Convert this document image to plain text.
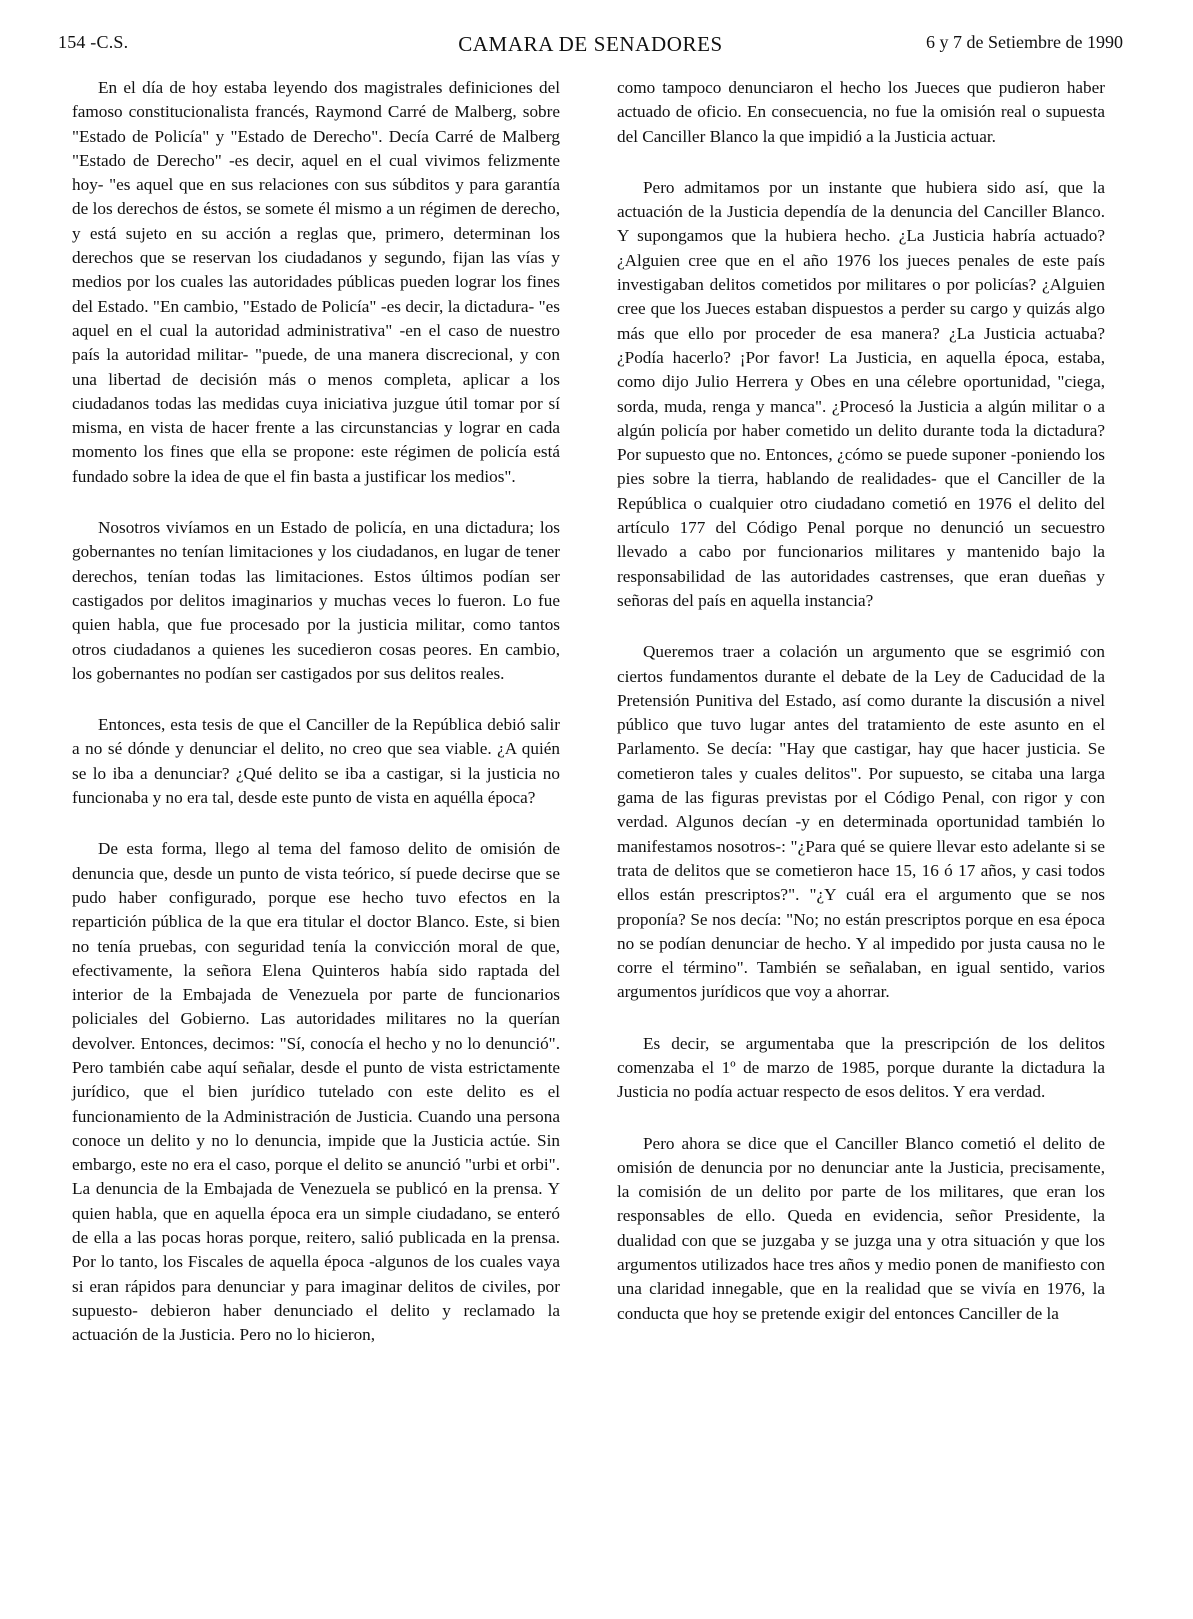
154 -C.S.	CAMARA DE SENADORES	6 y 7 de Setiembre de 1990

En el día de hoy estaba leyendo dos magistrales definiciones del famoso constitucionalista francés, Raymond Carré de Malberg, sobre "Estado de Policía" y "Estado de Derecho". Decía Carré de Malberg "Estado de Derecho" -es decir, aquel en el cual vivimos felizmente hoy- "es aquel que en sus relaciones con sus súbditos y para garantía de los derechos de éstos, se somete él mismo a un régimen de derecho, y está sujeto en su acción a reglas que, primero, determinan los derechos que se reservan los ciudadanos y segundo, fijan las vías y medios por los cuales las autoridades públicas pueden lograr los fines del Estado. "En cambio, "Estado de Policía" -es decir, la dictadura- "es aquel en el cual la autoridad administrativa" -en el caso de nuestro país la autoridad militar- "puede, de una manera discrecional, y con una libertad de decisión más o menos completa, aplicar a los ciudadanos todas las medidas cuya iniciativa juzgue útil tomar por sí misma, en vista de hacer frente a las circunstancias y lograr en cada momento los fines que ella se propone: este régimen de policía está fundado sobre la idea de que el fin basta a justificar los medios".

Nosotros vivíamos en un Estado de policía, en una dictadura; los gobernantes no tenían limitaciones y los ciudadanos, en lugar de tener derechos, tenían todas las limitaciones. Estos últimos podían ser castigados por delitos imaginarios y muchas veces lo fueron. Lo fue quien habla, que fue procesado por la justicia militar, como tantos otros ciudadanos a quienes les sucedieron cosas peores. En cambio, los gobernantes no podían ser castigados por sus delitos reales.

Entonces, esta tesis de que el Canciller de la República debió salir a no sé dónde y denunciar el delito, no creo que sea viable. ¿A quién se lo iba a denunciar? ¿Qué delito se iba a castigar, si la justicia no funcionaba y no era tal, desde este punto de vista en aquélla época?

De esta forma, llego al tema del famoso delito de omisión de denuncia que, desde un punto de vista teórico, sí puede decirse que se pudo haber configurado, porque ese hecho tuvo efectos en la repartición pública de la que era titular el doctor Blanco. Este, si bien no tenía pruebas, con seguridad tenía la convicción moral de que, efectivamente, la señora Elena Quinteros había sido raptada del interior de la Embajada de Venezuela por parte de funcionarios policiales del Gobierno. Las autoridades militares no la querían devolver. Entonces, decimos: "Sí, conocía el hecho y no lo denunció". Pero también cabe aquí señalar, desde el punto de vista estrictamente jurídico, que el bien jurídico tutelado con este delito es el funcionamiento de la Administración de Justicia. Cuando una persona conoce un delito y no lo denuncia, impide que la Justicia actúe. Sin embargo, este no era el caso, porque el delito se anunció "urbi et orbi". La denuncia de la Embajada de Venezuela se publicó en la prensa. Y quien habla, que en aquella época era un simple ciudadano, se enteró de ella a las pocas horas porque, reitero, salió publicada en la prensa. Por lo tanto, los Fiscales de aquella época -algunos de los cuales vaya si eran rápidos para denunciar y para imaginar delitos de civiles, por supuesto- debieron haber denunciado el delito y reclamado la actuación de la Justicia. Pero no lo hicieron,

como tampoco denunciaron el hecho los Jueces que pudieron haber actuado de oficio. En consecuencia, no fue la omisión real o supuesta del Canciller Blanco la que impidió a la Justicia actuar.

Pero admitamos por un instante que hubiera sido así, que la actuación de la Justicia dependía de la denuncia del Canciller Blanco. Y supongamos que la hubiera hecho. ¿La Justicia habría actuado? ¿Alguien cree que en el año 1976 los jueces penales de este país investigaban delitos cometidos por militares o por policías? ¿Alguien cree que los Jueces estaban dispuestos a perder su cargo y quizás algo más que ello por proceder de esa manera? ¿La Justicia actuaba? ¿Podía hacerlo? ¡Por favor! La Justicia, en aquella época, estaba, como dijo Julio Herrera y Obes en una célebre oportunidad, "ciega, sorda, muda, renga y manca". ¿Procesó la Justicia a algún militar o a algún policía por haber cometido un delito durante toda la dictadura? Por supuesto que no. Entonces, ¿cómo se puede suponer -poniendo los pies sobre la tierra, hablando de realidades- que el Canciller de la República o cualquier otro ciudadano cometió en 1976 el delito del artículo 177 del Código Penal porque no denunció un secuestro llevado a cabo por funcionarios militares y mantenido bajo la responsabilidad de las autoridades castrenses, que eran dueñas y señoras del país en aquella instancia?

Queremos traer a colación un argumento que se esgrimió con ciertos fundamentos durante el debate de la Ley de Caducidad de la Pretensión Punitiva del Estado, así como durante la discusión a nivel público que tuvo lugar antes del tratamiento de este asunto en el Parlamento. Se decía: "Hay que castigar, hay que hacer justicia. Se cometieron tales y cuales delitos". Por supuesto, se citaba una larga gama de las figuras previstas por el Código Penal, con rigor y con verdad. Algunos decían -y en determinada oportunidad también lo manifestamos nosotros-: "¿Para qué se quiere llevar esto adelante si se trata de delitos que se cometieron hace 15, 16 ó 17 años, y casi todos ellos están prescriptos?". "¿Y cuál era el argumento que se nos proponía? Se nos decía: "No; no están prescriptos porque en esa época no se podían denunciar de hecho. Y al impedido por justa causa no le corre el término". También se señalaban, en igual sentido, varios argumentos jurídicos que voy a ahorrar.

Es decir, se argumentaba que la prescripción de los delitos comenzaba el 1º de marzo de 1985, porque durante la dictadura la Justicia no podía actuar respecto de esos delitos. Y era verdad.

Pero ahora se dice que el Canciller Blanco cometió el delito de omisión de denuncia por no denunciar ante la Justicia, precisamente, la comisión de un delito por parte de los militares, que eran los responsables de ello. Queda en evidencia, señor Presidente, la dualidad con que se juzgaba y se juzga una y otra situación y que los argumentos utilizados hace tres años y medio ponen de manifiesto con una claridad innegable, que en la realidad que se vivía en 1976, la conducta que hoy se pretende exigir del entonces Canciller de la
